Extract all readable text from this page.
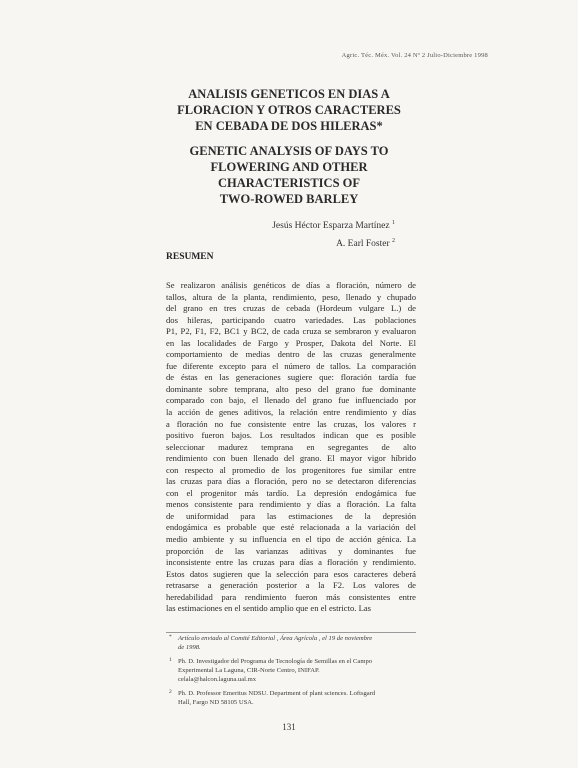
Agric. Téc. Méx. Vol. 24 Nº 2 Julio-Diciembre 1998
ANALISIS GENETICOS EN DIAS A
FLORACION Y OTROS CARACTERES
EN CEBADA DE DOS HILERAS*
GENETIC ANALYSIS OF DAYS TO
FLOWERING AND OTHER
CHARACTERISTICS OF
TWO-ROWED BARLEY
Jesús Héctor Esparza Martínez $^1$
A. Earl Foster $^2$
RESUMEN
Se realizaron análisis genéticos de días a floración, número de
tallos, altura de la planta, rendimiento, peso, llenado y chupado
del grano en tres cruzas de cebada (Hordeum vulgare L.) de
dos hileras, participando cuatro variedades. Las poblaciones
P1, P2, F1, F2, BC1 y BC2, de cada cruza se sembraron y evaluaron
en las localidades de Fargo y Prosper, Dakota del Norte. El
comportamiento de medias dentro de las cruzas generalmente
fue diferente excepto para el número de tallos. La comparación
de éstas en las generaciones sugiere que: floración tardía fue
dominante sobre temprana, alto peso del grano fue dominante
comparado con bajo, el llenado del grano fue influenciado por
la acción de genes aditivos, la relación entre rendimiento y días
a floración no fue consistente entre las cruzas, los valores r
positivo fueron bajos. Los resultados indican que es posible
seleccionar madurez temprana en segregantes de alto
rendimiento con buen llenado del grano. El mayor vigor híbrido
con respecto al promedio de los progenitores fue similar entre
las cruzas para días a floración, pero no se detectaron diferencias
con el progenitor más tardío. La depresión endogámica fue
menos consistente para rendimiento y días a floración. La falta
de uniformidad para las estimaciones de la depresión
endogámica es probable que esté relacionada a la variación del
medio ambiente y su influencia en el tipo de acción génica. La
proporción de las varianzas aditivas y dominantes fue
inconsistente entre las cruzas para días a floración y rendimiento.
Estos datos sugieren que la selección para esos caracteres deberá
retrasarse a generación posterior a la F2. Los valores de
heredabilidad para rendimiento fueron más consistentes entre
las estimaciones en el sentido amplio que en el estricto. Las
* Artículo enviado al Comité Editorial , Área Agrícola , el 19 de noviembre
de 1998.
1 Ph. D. Investigador del Programa de Tecnología de Semillas en el Campo
Experimental La Laguna, CIR-Norte Centro, INIFAP.
celala@halcon.laguna.ual.mx
2 Ph. D. Professor Emeritus NDSU. Department of plant sciences. Loftsgard
Hall, Fargo ND 58105 USA.
131
